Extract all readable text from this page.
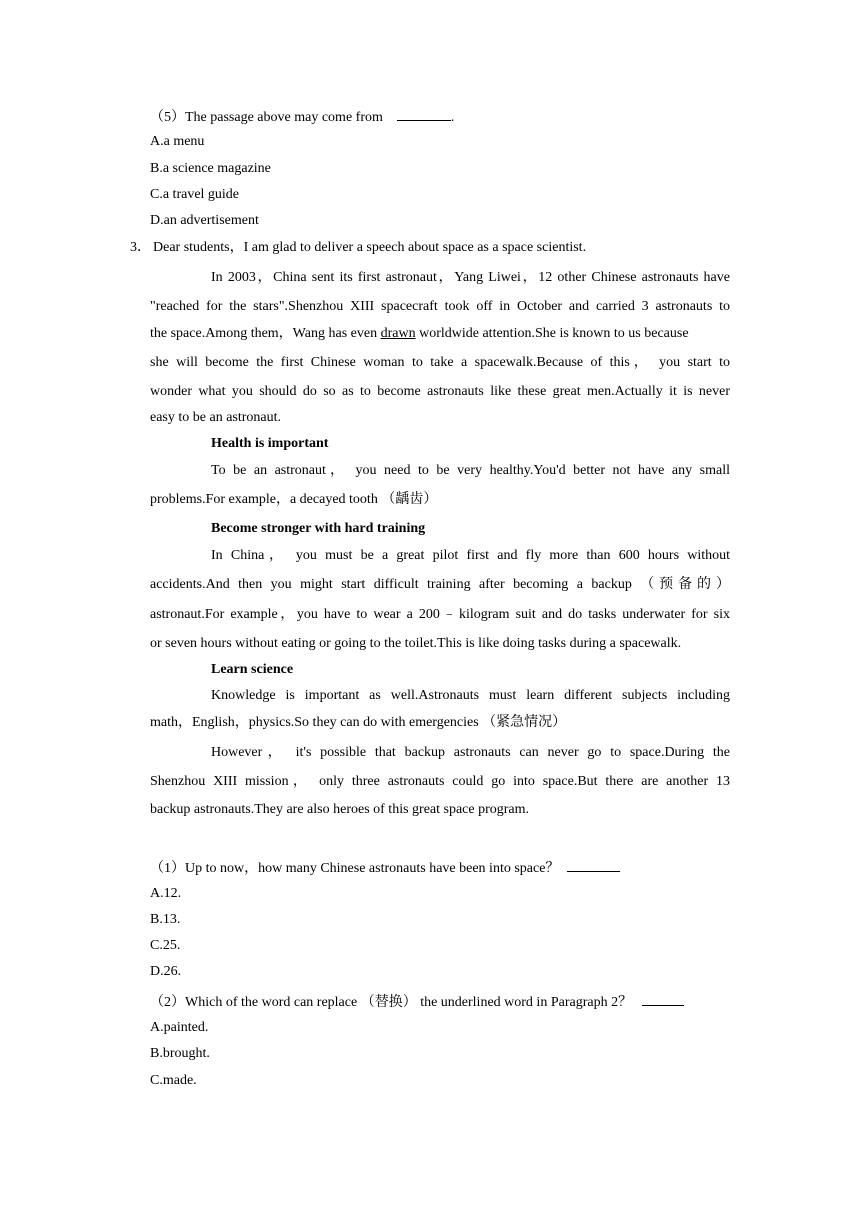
（5）The passage above may come from	.
A.a menu
B.a science magazine
C.a travel guide
D.an advertisement
3． Dear students，I am glad to deliver a speech about space as a space scientist.
In 2003，China sent its first astronaut，Yang Liwei，12 other Chinese astronauts have
"reached for the stars".Shenzhou XIII spacecraft took off in October and carried 3 astronauts to
the space.Among them，Wang has even drawn worldwide attention.She is known to us because
she will become the first Chinese woman to take a spacewalk.Because of this， you start to
wonder what you should do so as to become astronauts like these great men.Actually it is never
easy to be an astronaut.
Health is important
To be an astronaut， you need to be very healthy.You'd better not have any small
problems.For example，a decayed tooth （龋齿）
Become stronger with hard training
In China， you must be a great pilot first and fly more than 600 hours without
accidents.And then you might start difficult training after becoming a backup （预备的）
astronaut.For example，you have to wear a 200﹣kilogram suit and do tasks underwater for six
or seven hours without eating or going to the toilet.This is like doing tasks during a spacewalk.
Learn science
Knowledge is important as well.Astronauts must learn different subjects including
math，English，physics.So they can do with emergencies （紧急情况）
However， it's possible that backup astronauts can never go to space.During the
Shenzhou XIII mission， only three astronauts could go into space.But there are another 13
backup astronauts.They are also heroes of this great space program.
（1）Up to now，how many Chinese astronauts have been into space？
A.12.
B.13.
C.25.
D.26.
（2）Which of the word can replace （替换） the underlined word in Paragraph 2？
A.painted.
B.brought.
C.made.
